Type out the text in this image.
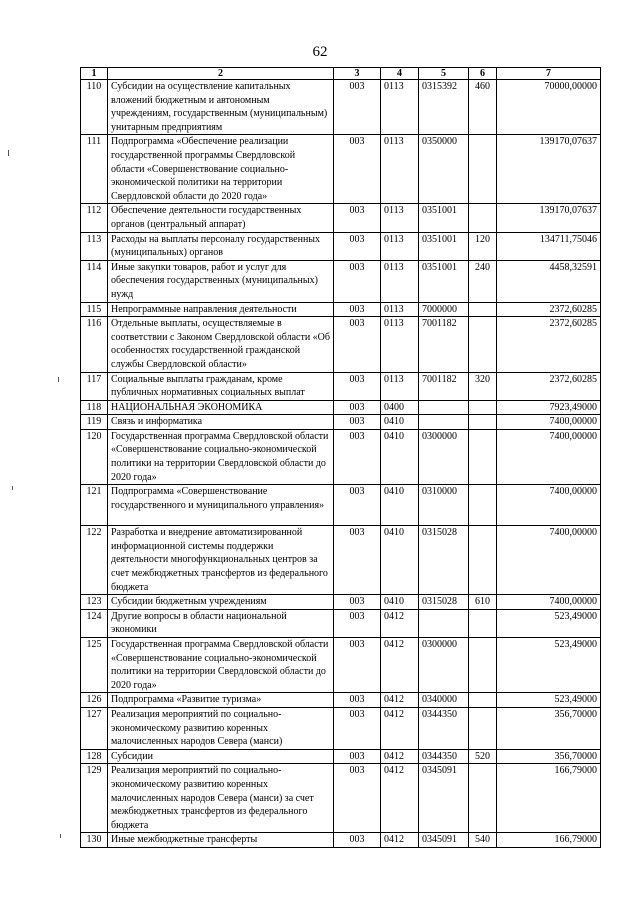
62
1	2	3	4	5	6	7
110	Субсидии на осуществление капитальных вложений бюджетным и автономным учреждениям, государственным (муниципальным) унитарным предприятиям	003	0113	0315392	460	70000,00000
111	Подпрограмма «Обеспечение реализации государственной программы Свердловской области «Совершенствование социально-экономической политики на территории Свердловской области до 2020 года»	003	0113	0350000		139170,07637
112	Обеспечение деятельности государственных органов (центральный аппарат)	003	0113	0351001		139170,07637
113	Расходы на выплаты персоналу государственных (муниципальных) органов	003	0113	0351001	120	134711,75046
114	Иные закупки товаров, работ и услуг для обеспечения государственных (муниципальных) нужд	003	0113	0351001	240	4458,32591
115	Непрограммные направления деятельности	003	0113	7000000		2372,60285
116	Отдельные выплаты, осуществляемые в соответствии с Законом Свердловской области «Об особенностях государственной гражданской службы Свердловской области»	003	0113	7001182		2372,60285
117	Социальные выплаты гражданам, кроме публичных нормативных социальных выплат	003	0113	7001182	320	2372,60285
118	НАЦИОНАЛЬНАЯ ЭКОНОМИКА	003	0400			7923,49000
119	Связь и информатика	003	0410			7400,00000
120	Государственная программа Свердловской области «Совершенствование социально-экономической политики на территории Свердловской области до 2020 года»	003	0410	0300000		7400,00000
121	Подпрограмма «Совершенствование государственного и муниципального управления»	003	0410	0310000		7400,00000
122	Разработка и внедрение автоматизированной информационной системы поддержки деятельности многофункциональных центров за счет межбюджетных трансфертов из федерального бюджета	003	0410	0315028		7400,00000
123	Субсидии бюджетным учреждениям	003	0410	0315028	610	7400,00000
124	Другие вопросы в области национальной экономики	003	0412			523,49000
125	Государственная программа Свердловской области «Совершенствование социально-экономической политики на территории Свердловской области до 2020 года»	003	0412	0300000		523,49000
126	Подпрограмма «Развитие туризма»	003	0412	0340000		523,49000
127	Реализация мероприятий по социально-экономическому развитию коренных малочисленных народов Севера (манси)	003	0412	0344350		356,70000
128	Субсидии	003	0412	0344350	520	356,70000
129	Реализация мероприятий по социально-экономическому развитию коренных малочисленных народов Севера (манси) за счет межбюджетных трансфертов из федерального бюджета	003	0412	0345091		166,79000
130	Иные межбюджетные трансферты	003	0412	0345091	540	166,79000
